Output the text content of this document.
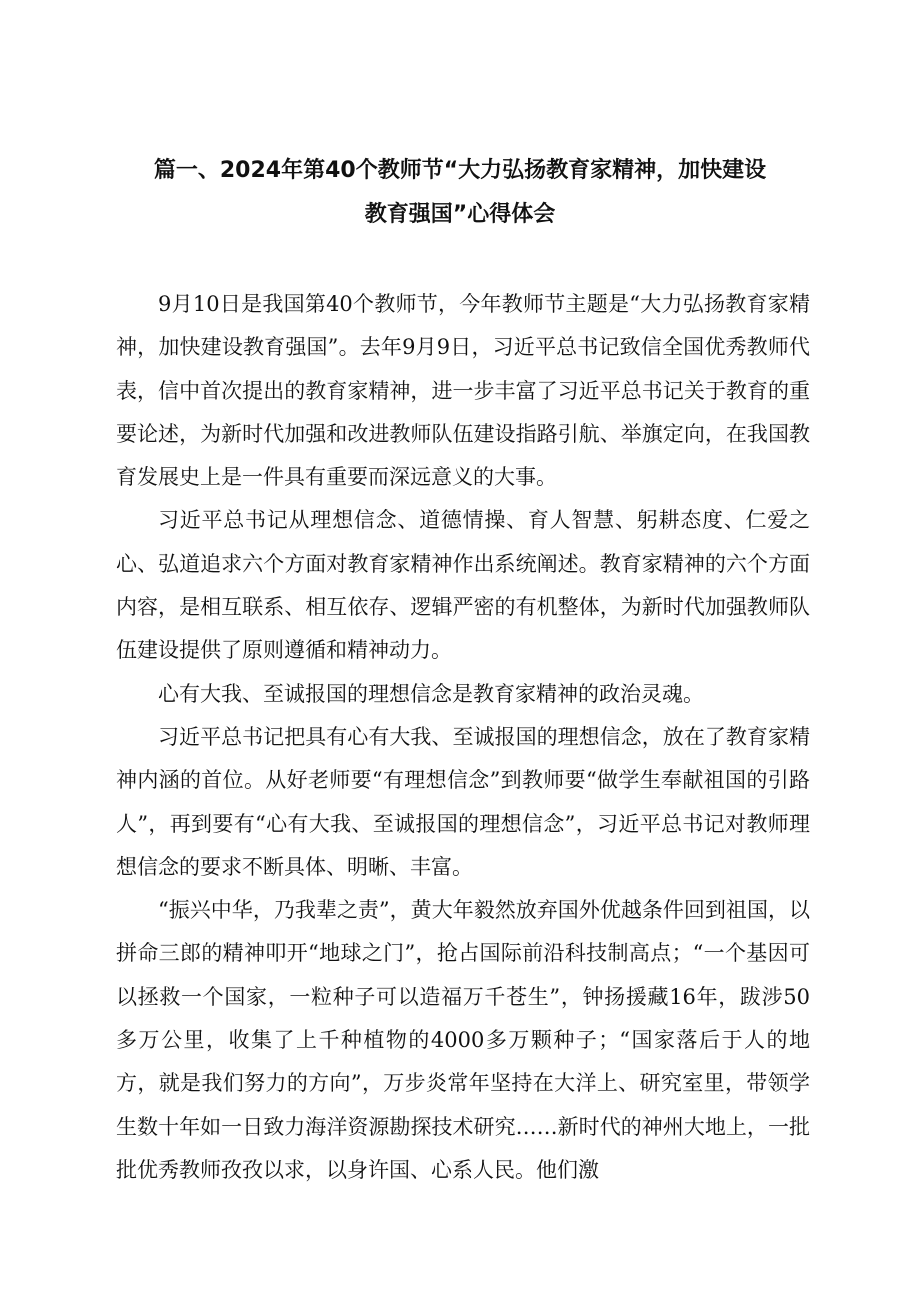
篇一、2024年第40个教师节“大力弘扬教育家精神，加快建设
教育强国”心得体会

9月10日是我国第40个教师节，今年教师节主题是“大力弘扬教育家精神，加快建设教育强国”。去年9月9日，习近平总书记致信全国优秀教师代表，信中首次提出的教育家精神，进一步丰富了习近平总书记关于教育的重要论述，为新时代加强和改进教师队伍建设指路引航、举旗定向，在我国教育发展史上是一件具有重要而深远意义的大事。

习近平总书记从理想信念、道德情操、育人智慧、躬耕态度、仁爱之心、弘道追求六个方面对教育家精神作出系统阐述。教育家精神的六个方面内容，是相互联系、相互依存、逻辑严密的有机整体，为新时代加强教师队伍建设提供了原则遵循和精神动力。

心有大我、至诚报国的理想信念是教育家精神的政治灵魂。

习近平总书记把具有心有大我、至诚报国的理想信念，放在了教育家精神内涵的首位。从好老师要“有理想信念”到教师要“做学生奉献祖国的引路人”，再到要有“心有大我、至诚报国的理想信念”，习近平总书记对教师理想信念的要求不断具体、明晰、丰富。

“振兴中华，乃我辈之责”，黄大年毅然放弃国外优越条件回到祖国，以拼命三郎的精神叩开“地球之门”，抢占国际前沿科技制高点；“一个基因可以拯救一个国家，一粒种子可以造福万千苍生”，钟扬援藏16年，跋涉50多万公里，收集了上千种植物的4000多万颗种子；“国家落后于人的地方，就是我们努力的方向”，万步炎常年坚持在大洋上、研究室里，带领学生数十年如一日致力海洋资源勘探技术研究……新时代的神州大地上，一批批优秀教师孜孜以求，以身许国、心系人民。他们激
